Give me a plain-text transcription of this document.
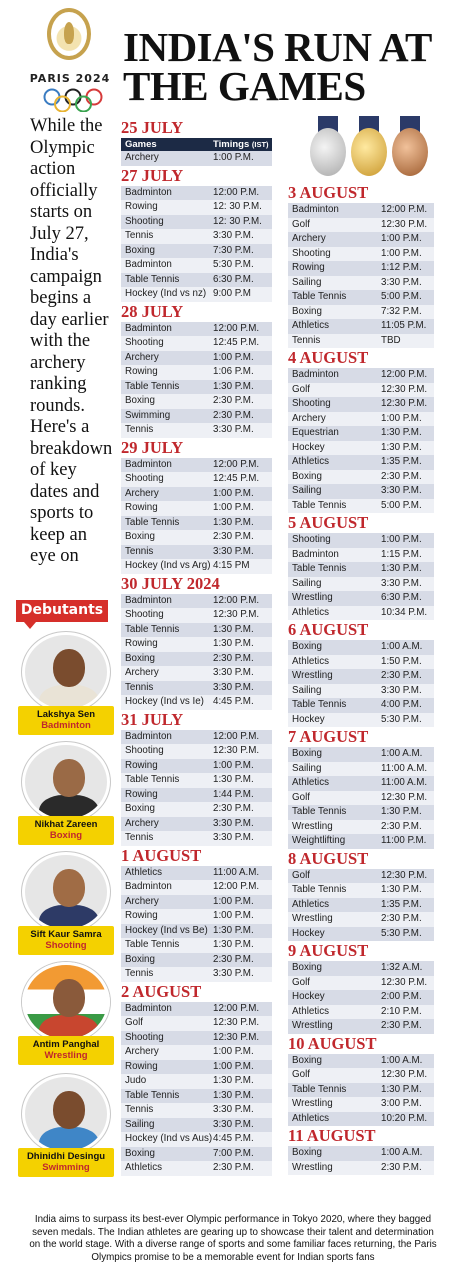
PARIS 2024
INDIA'S RUN AT
THE GAMES
While the Olympic action officially starts on July 27, India's campaign begins a day earlier with the archery ranking rounds. Here's a breakdown of key dates and sports to keep an eye on
Debutants
Lakshya Sen
Badminton
Nikhat Zareen
Boxing
Sift Kaur Samra
Shooting
Antim Panghal
Wrestling
Dhinidhi Desingu
Swimming
25 JULY
Games	Timings (IST)
Archery	1:00 P.M.
27 JULY
Badminton	12:00 P.M.
Rowing	12: 30 P.M.
Shooting	12: 30 P.M.
Tennis	3:30 P.M.
Boxing	7:30 P.M.
Badminton	5:30 P.M.
Table Tennis	6:30 P.M.
Hockey (Ind vs nz) 9:00 P.M
28 JULY
Badminton	12:00 P.M.
Shooting	12:45 P.M.
Archery	1:00 P.M.
Rowing	1:06 P.M.
Table Tennis	1:30 P.M.
Boxing	2:30 P.M.
Swimming	2:30 P.M.
Tennis	3:30 P.M.
29 JULY
Badminton	12:00 P.M.
Shooting	12:45 P.M.
Archery	1:00 P.M.
Rowing	1:00 P.M.
Table Tennis	1:30 P.M.
Boxing	2:30 P.M.
Tennis	3:30 P.M.
Hockey (Ind vs Arg) 4:15 PM
30 JULY 2024
Badminton	12:00 P.M.
Shooting	12:30 P.M.
Table Tennis	1:30 P.M.
Rowing	1:30 P.M.
Boxing	2:30 P.M.
Archery	3:30 P.M.
Tennis	3:30 P.M.
Hockey (Ind vs Ie) 4:45 P.M.
31 JULY
Badminton	12:00 P.M.
Shooting	12:30 P.M.
Rowing	1:00 P.M.
Table Tennis	1:30 P.M.
Rowing	1:44 P.M.
Boxing	2:30 P.M.
Archery	3:30 P.M.
Tennis	3:30 P.M.
1 AUGUST
Athletics	11:00 A.M.
Badminton	12:00 P.M.
Archery	1:00 P.M.
Rowing	1:00 P.M.
Hockey (Ind vs Be) 1:30 P.M.
Table Tennis	1:30 P.M.
Boxing	2:30 P.M.
Tennis	3:30 P.M.
2 AUGUST
Badminton	12:00 P.M.
Golf	12:30 P.M.
Shooting	12:30 P.M.
Archery	1:00 P.M.
Rowing	1:00 P.M.
Judo	1:30 P.M.
Table Tennis	1:30 P.M.
Tennis	3:30 P.M.
Sailing	3:30 P.M.
Hockey (Ind vs Aus) 4:45 P.M.
Boxing	7:00 P.M.
Athletics	2:30 P.M.
3 AUGUST
Badminton	12:00 P.M.
Golf	12:30 P.M.
Archery	1:00 P.M.
Shooting	1:00 P.M.
Rowing	1:12 P.M.
Sailing	3:30 P.M.
Table Tennis	5:00 P.M.
Boxing	7:32 P.M.
Athletics	11:05 P.M.
Tennis	TBD
4 AUGUST
Badminton	12:00 P.M.
Golf	12:30 P.M.
Shooting	12:30 P.M.
Archery	1:00 P.M.
Equestrian	1:30 P.M.
Hockey	1:30 P.M.
Athletics	1:35 P.M.
Boxing	2:30 P.M.
Sailing	3:30 P.M.
Table Tennis	5:00 P.M.
5 AUGUST
Shooting	1:00 P.M.
Badminton	1:15 P.M.
Table Tennis	1:30 P.M.
Sailing	3:30 P.M.
Wrestling	6:30 P.M.
Athletics	10:34 P.M.
6 AUGUST
Boxing	1:00 A.M.
Athletics	1:50 P.M.
Wrestling	2:30 P.M.
Sailing	3:30 P.M.
Table Tennis	4:00 P.M.
Hockey	5:30 P.M.
7 AUGUST
Boxing	1:00 A.M.
Sailing	11:00 A.M.
Athletics	11:00 A.M.
Golf	12:30 P.M.
Table Tennis	1:30 P.M.
Wrestling	2:30 P.M.
Weightlifting	11:00 P.M.
8 AUGUST
Golf	12:30 P.M.
Table Tennis	1:30 P.M.
Athletics	1:35 P.M.
Wrestling	2:30 P.M.
Hockey	5:30 P.M.
9 AUGUST
Boxing	1:32 A.M.
Golf	12:30 P.M.
Hockey	2:00 P.M.
Athletics	2:10 P.M.
Wrestling	2:30 P.M.
10 AUGUST
Boxing	1:00 A.M.
Golf	12:30 P.M.
Table Tennis	1:30 P.M.
Wrestling	3:00 P.M.
Athletics	10:20 P.M.
11 AUGUST
Boxing	1:00 A.M.
Wrestling	2:30 P.M.
India aims to surpass its best-ever Olympic performance in Tokyo 2020, where they bagged seven medals. The Indian athletes are gearing up to showcase their talent and determination on the world stage. With a diverse range of sports and some familiar faces returning, the Paris Olympics promise to be a memorable event for Indian sports fans
